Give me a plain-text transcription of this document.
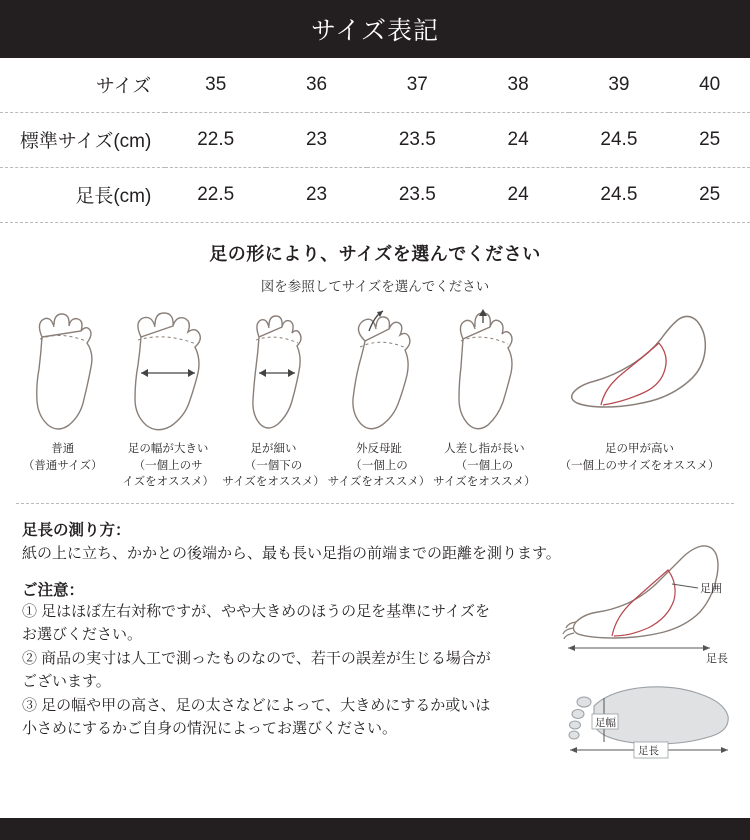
サイズ表記
サイズ	35	36	37	38	39	40
標準サイズ(cm)	22.5	23	23.5	24	24.5	25
足長(cm)	22.5	23	23.5	24	24.5	25
足の形により、サイズを選んでください
図を参照してサイズを選んでください
普通
（普通サイズ）
足の幅が大きい
（一個上のサ
イズをオススメ）
足が細い
（一個下の
サイズをオススメ）
外反母趾
（一個上の
サイズをオススメ）
人差し指が長い
（一個上の
サイズをオススメ）
足の甲が高い
（一個上のサイズをオススメ）
足長の測り方：

紙の上に立ち、かかとの後端から、最も長い足指の前端までの距離を測ります。

ご注意：

① 足はほぼ左右対称ですが、やや大きめのほうの足を基準にサイズを

お選びください。

② 商品の実寸は人工で測ったものなので、若干の誤差が生じる場合が

ございます。

③ 足の幅や甲の高さ、足の太さなどによって、大きめにするか或いは

小さめにするかご自身の情況によってお選びください。

足囲
足長
足幅
足長
